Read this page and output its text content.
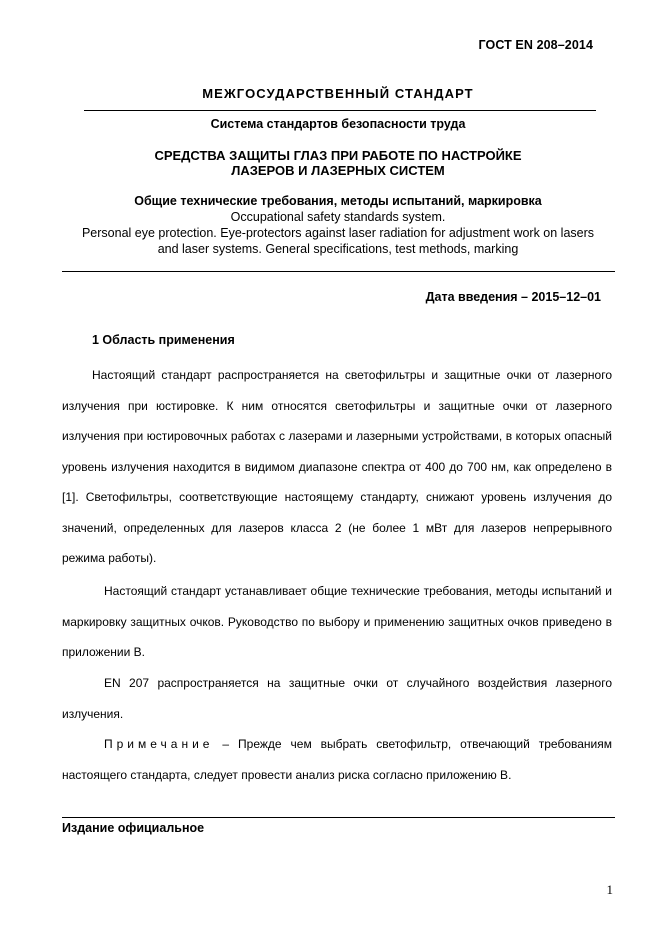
ГОСТ EN 208–2014
МЕЖГОСУДАРСТВЕННЫЙ СТАНДАРТ
Система стандартов безопасности труда
СРЕДСТВА ЗАЩИТЫ ГЛАЗ ПРИ РАБОТЕ ПО НАСТРОЙКЕ
ЛАЗЕРОВ И ЛАЗЕРНЫХ СИСТЕМ
Общие технические требования, методы испытаний, маркировка
Occupational safety standards system.
Personal eye protection. Eye-protectors against laser radiation for adjustment work on lasers
and laser systems. General specifications, test methods, marking
Дата введения – 2015–12–01
1 Область применения
Настоящий стандарт распространяется на светофильтры и защитные очки от лазерного излучения при юстировке. К ним относятся светофильтры и защитные очки от лазерного излучения при юстировочных работах с лазерами и лазерными устройствами, в которых опасный уровень излучения находится в видимом диапазоне спектра от 400 до 700 нм, как определено в [1]. Светофильтры, соответствующие настоящему стандарту, снижают уровень излучения до значений, определенных для лазеров класса 2 (не более 1 мВт для лазеров непрерывного режима работы).
Настоящий стандарт устанавливает общие технические требования, методы испытаний и маркировку защитных очков. Руководство по выбору и применению защитных очков приведено в приложении В.
EN 207 распространяется на защитные очки от случайного воздействия лазерного излучения.
Примечание – Прежде чем выбрать светофильтр, отвечающий требованиям настоящего стандарта, следует провести анализ риска согласно приложению В.
Издание официальное
1
